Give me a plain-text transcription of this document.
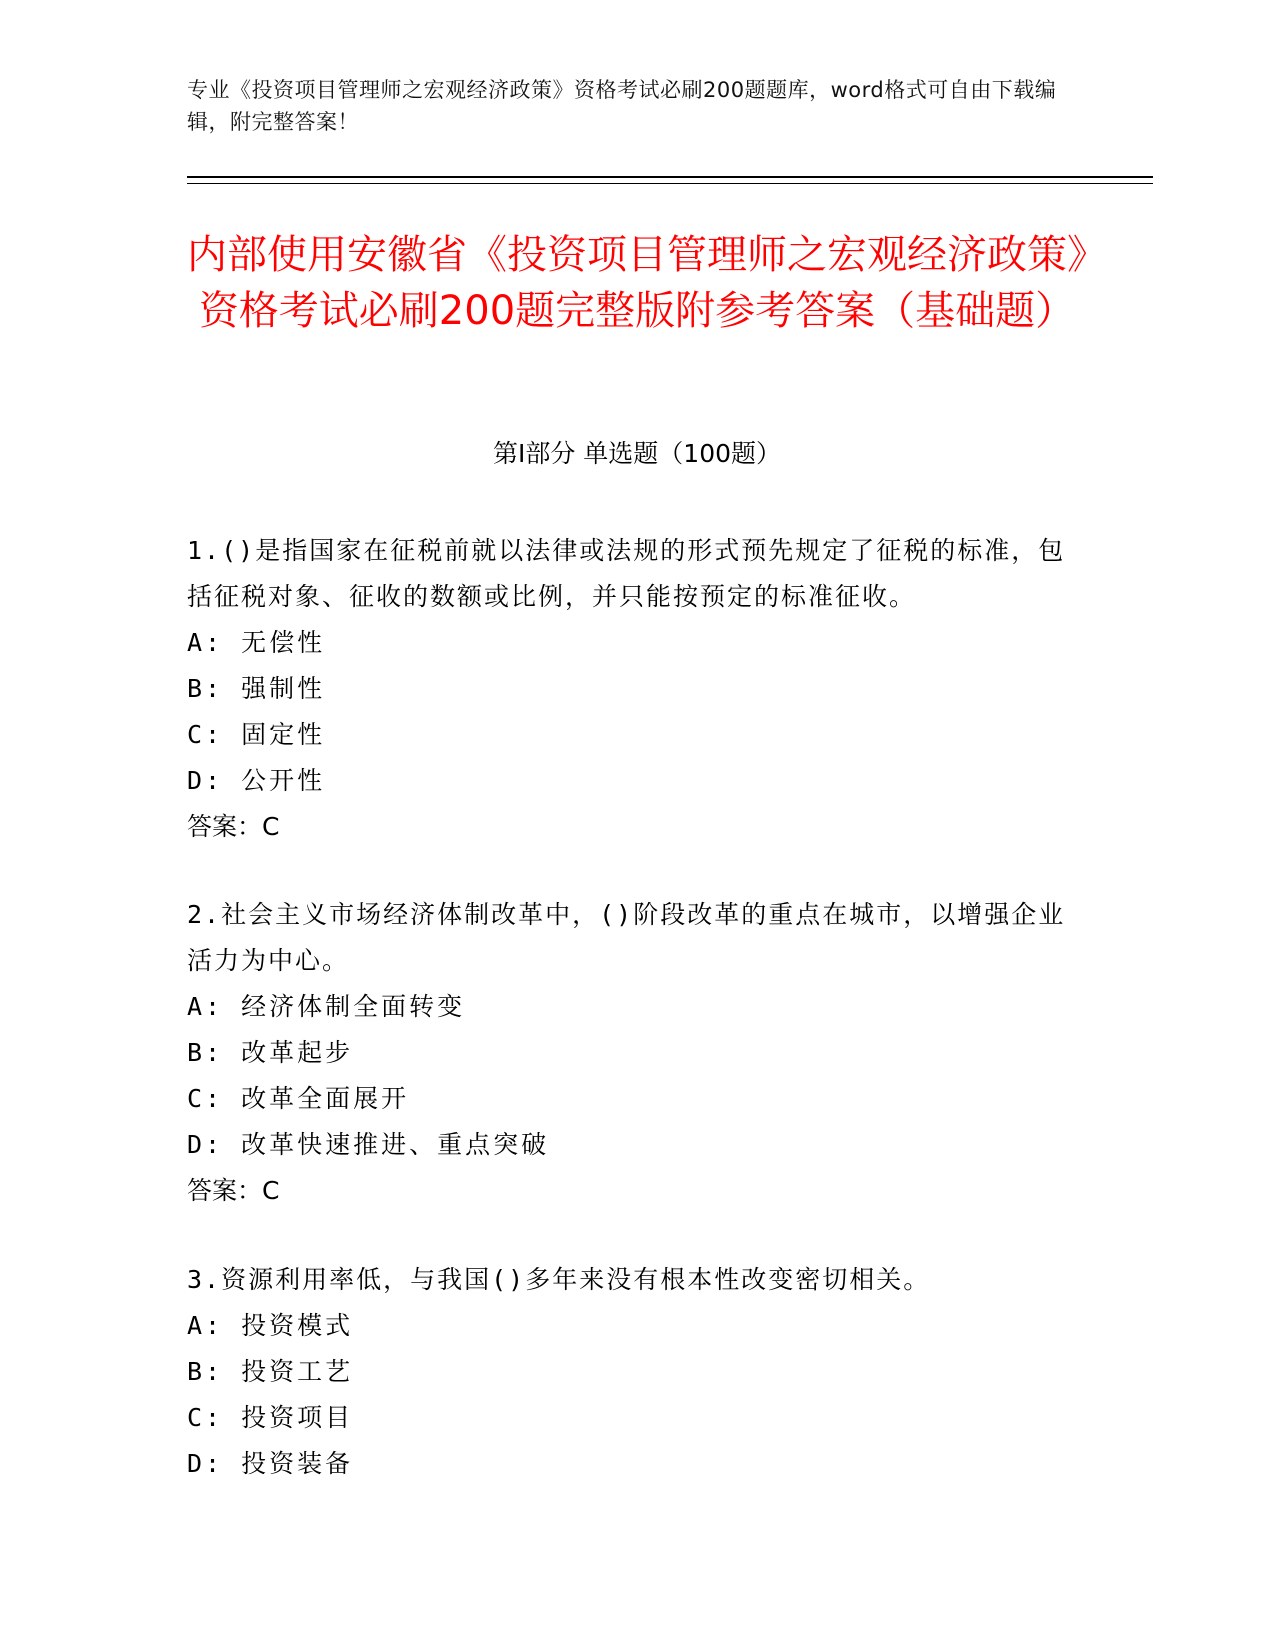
专业《投资项目管理师之宏观经济政策》资格考试必刷200题题库，word格式可自由下载编辑，附完整答案！
内部使用安徽省《投资项目管理师之宏观经济政策》资格考试必刷200题完整版附参考答案（基础题）
第Ⅰ部分 单选题（100题）

1.()是指国家在征税前就以法律或法规的形式预先规定了征税的标准，包括征税对象、征收的数额或比例，并只能按预定的标准征收。

A: 无偿性

B: 强制性

C: 固定性

D: 公开性

答案：C

2.社会主义市场经济体制改革中，()阶段改革的重点在城市，以增强企业活力为中心。

A: 经济体制全面转变

B: 改革起步

C: 改革全面展开

D: 改革快速推进、重点突破

答案：C

3.资源利用率低，与我国()多年来没有根本性改变密切相关。

A: 投资模式

B: 投资工艺

C: 投资项目

D: 投资装备
